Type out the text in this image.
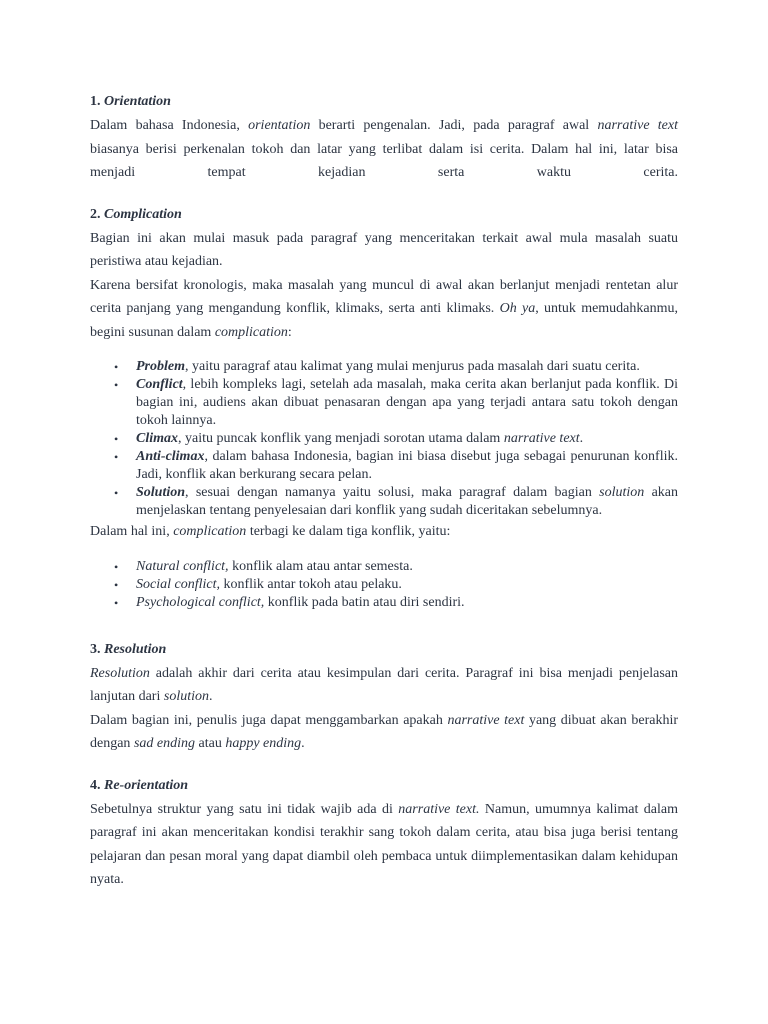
1. Orientation

Dalam bahasa Indonesia, orientation berarti pengenalan. Jadi, pada paragraf awal narrative text biasanya berisi perkenalan tokoh dan latar yang terlibat dalam isi cerita. Dalam hal ini, latar bisa menjadi tempat kejadian serta waktu cerita.

2. Complication

Bagian ini akan mulai masuk pada paragraf yang menceritakan terkait awal mula masalah suatu peristiwa atau kejadian.

Karena bersifat kronologis, maka masalah yang muncul di awal akan berlanjut menjadi rentetan alur cerita panjang yang mengandung konflik, klimaks, serta anti klimaks. Oh ya, untuk memudahkanmu, begini susunan dalam complication:

• Problem, yaitu paragraf atau kalimat yang mulai menjurus pada masalah dari suatu cerita.
• Conflict, lebih kompleks lagi, setelah ada masalah, maka cerita akan berlanjut pada konflik. Di bagian ini, audiens akan dibuat penasaran dengan apa yang terjadi antara satu tokoh dengan tokoh lainnya.
• Climax, yaitu puncak konflik yang menjadi sorotan utama dalam narrative text.
• Anti-climax, dalam bahasa Indonesia, bagian ini biasa disebut juga sebagai penurunan konflik. Jadi, konflik akan berkurang secara pelan.
• Solution, sesuai dengan namanya yaitu solusi, maka paragraf dalam bagian solution akan menjelaskan tentang penyelesaian dari konflik yang sudah diceritakan sebelumnya.

Dalam hal ini, complication terbagi ke dalam tiga konflik, yaitu:

• Natural conflict, konflik alam atau antar semesta.
• Social conflict, konflik antar tokoh atau pelaku.
• Psychological conflict, konflik pada batin atau diri sendiri.
3. Resolution

Resolution adalah akhir dari cerita atau kesimpulan dari cerita. Paragraf ini bisa menjadi penjelasan lanjutan dari solution.

Dalam bagian ini, penulis juga dapat menggambarkan apakah narrative text yang dibuat akan berakhir dengan sad ending atau happy ending.

4. Re-orientation

Sebetulnya struktur yang satu ini tidak wajib ada di narrative text. Namun, umumnya kalimat dalam paragraf ini akan menceritakan kondisi terakhir sang tokoh dalam cerita, atau bisa juga berisi tentang pelajaran dan pesan moral yang dapat diambil oleh pembaca untuk diimplementasikan dalam kehidupan nyata.
